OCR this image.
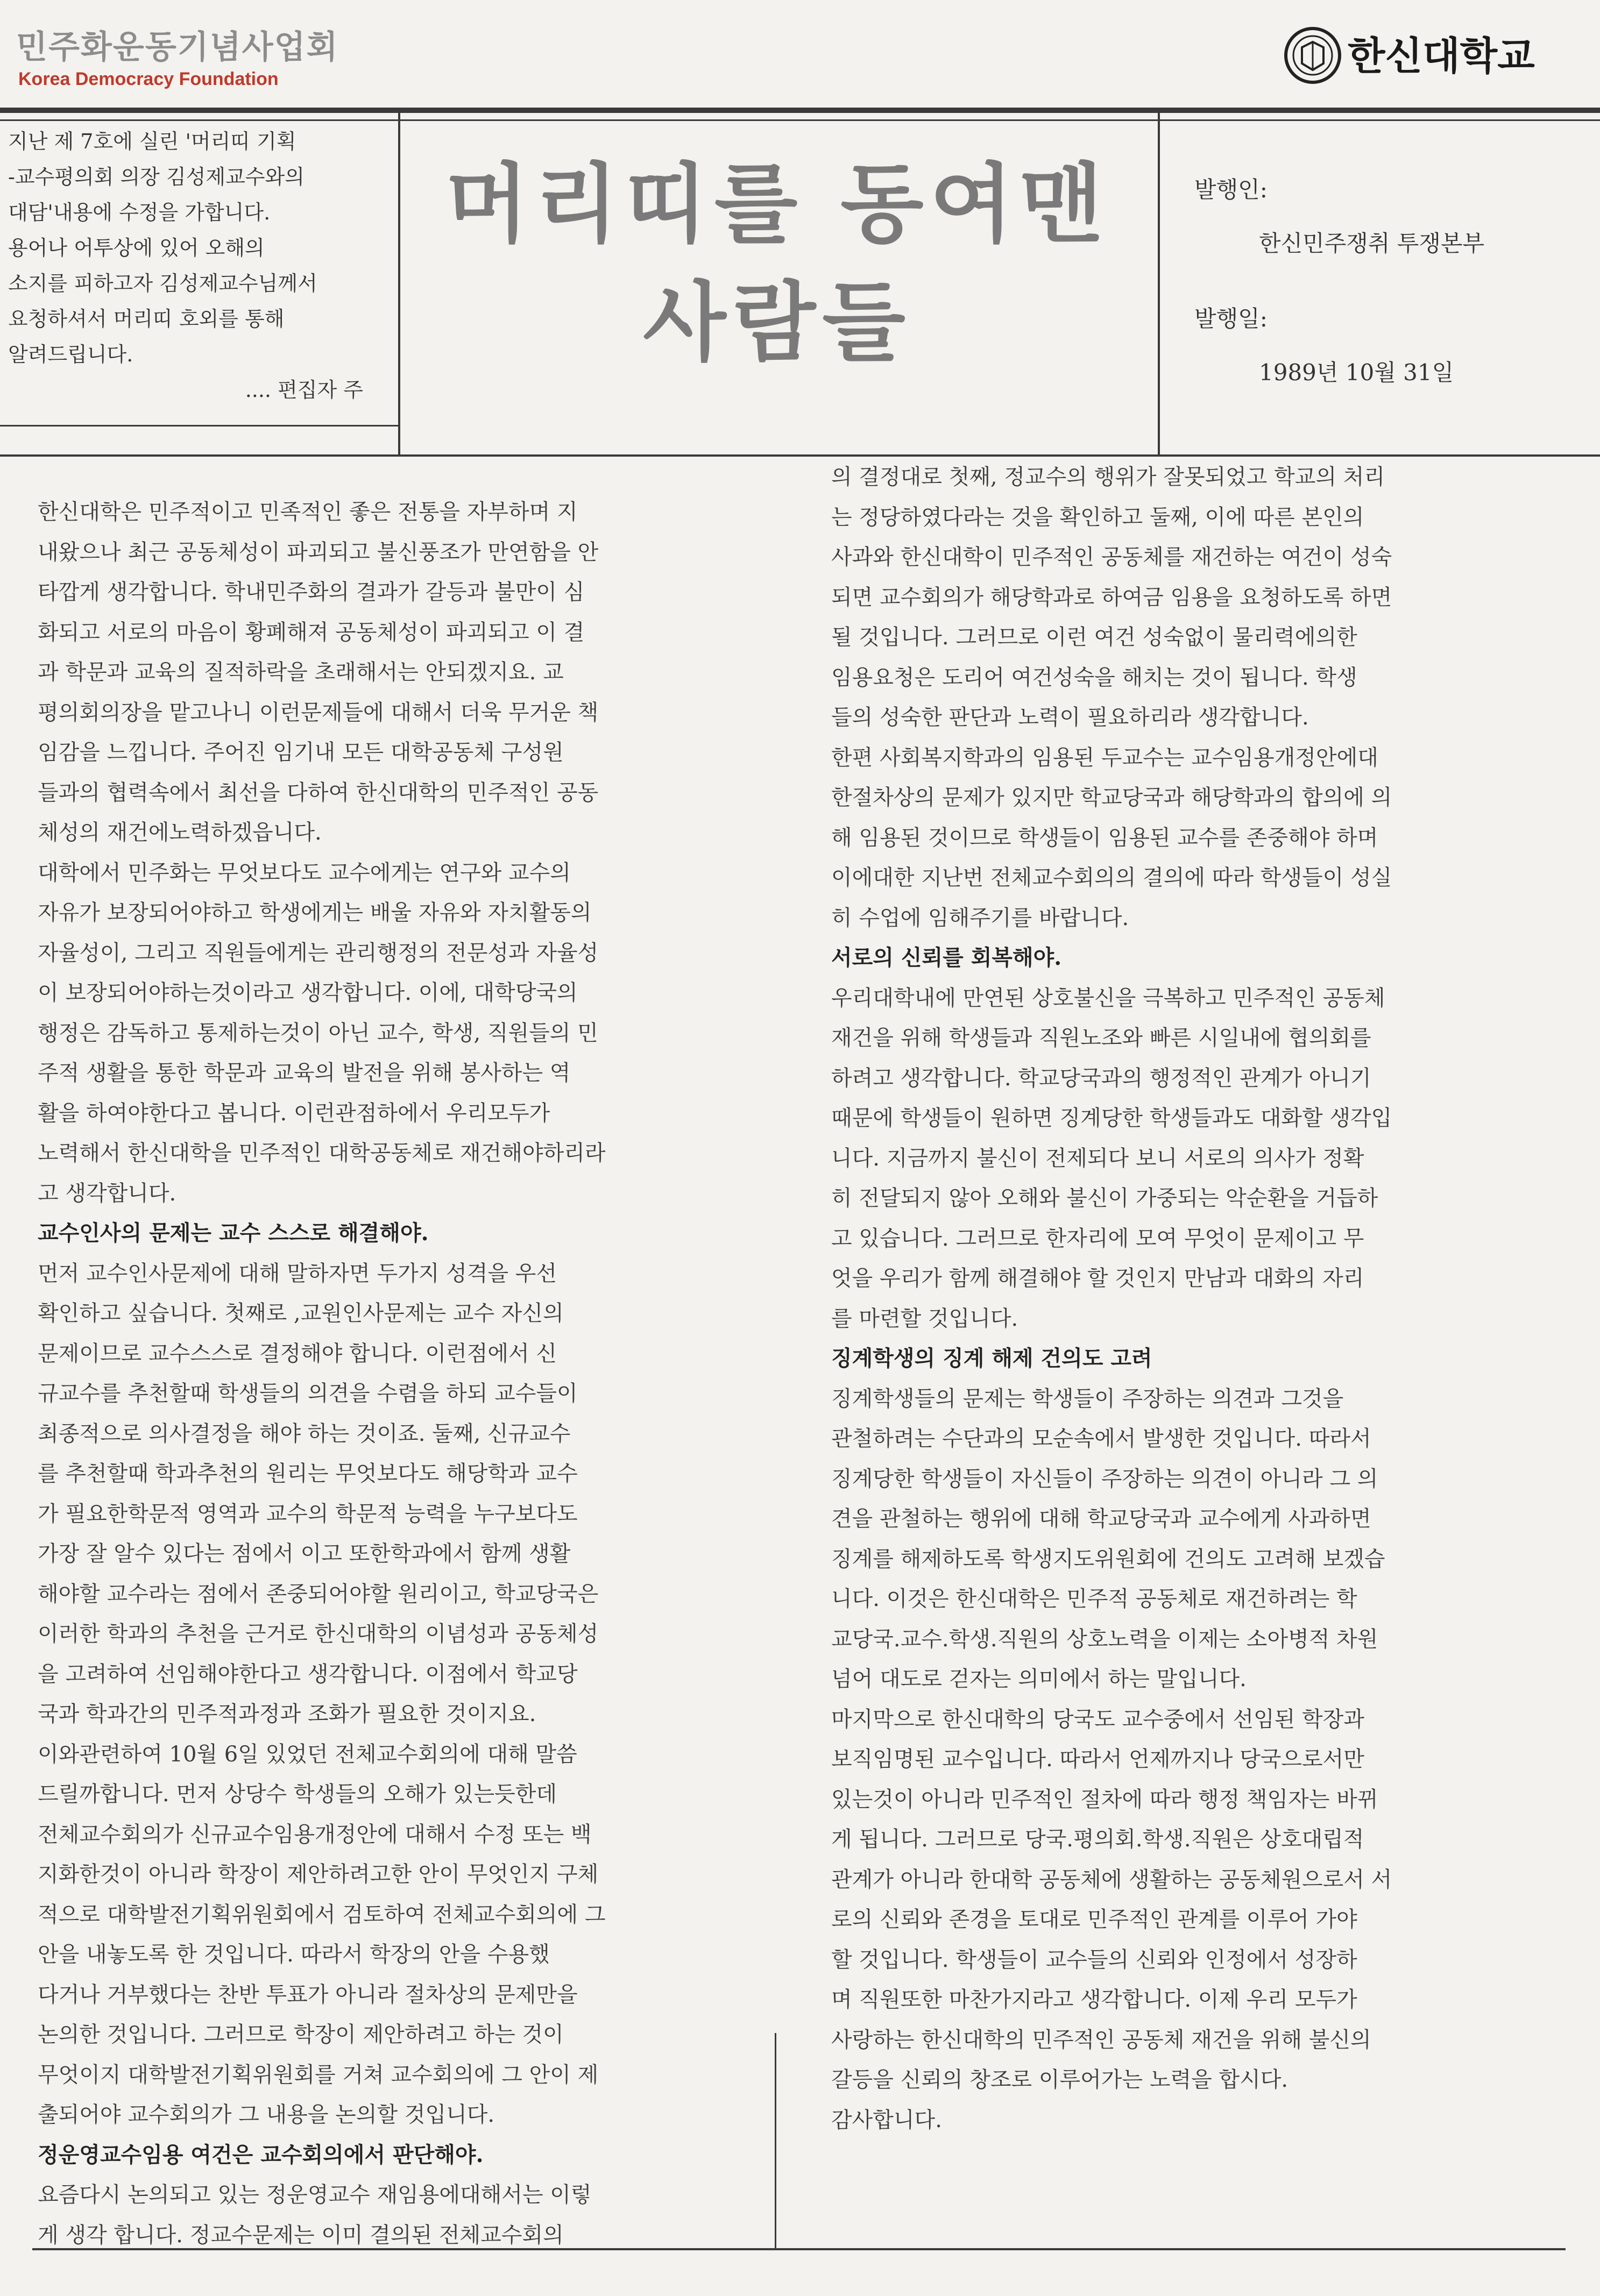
민주화운동기념사업회
Korea Democracy Foundation
한신대학교

지난 제 7호에 실린 '머리띠 기획

-교수평의회 의장 김성제교수와의

대담'내용에 수정을 가합니다.

용어나 어투상에 있어 오해의

소지를 피하고자 김성제교수님께서

요청하셔서 머리띠 호외를 통해

알려드립니다.

.... 편집자 주

머리띠를 동여맨
사람들

발행인:

한신민주쟁취 투쟁본부

발행일:

1989년 10월 31일

한신대학은 민주적이고 민족적인 좋은 전통을 자부하며 지

내왔으나 최근 공동체성이 파괴되고 불신풍조가 만연함을 안

타깝게 생각합니다. 학내민주화의 결과가 갈등과 불만이 심

화되고 서로의 마음이 황폐해져 공동체성이 파괴되고 이 결

과 학문과 교육의 질적하락을 초래해서는 안되겠지요. 교

평의회의장을 맡고나니 이런문제들에 대해서 더욱 무거운 책

임감을 느낍니다. 주어진 임기내 모든 대학공동체 구성원

들과의 협력속에서 최선을 다하여 한신대학의 민주적인 공동

체성의 재건에노력하겠읍니다.

대학에서 민주화는 무엇보다도 교수에게는 연구와 교수의

자유가 보장되어야하고 학생에게는 배울 자유와 자치활동의

자율성이, 그리고 직원들에게는 관리행정의 전문성과 자율성

이 보장되어야하는것이라고 생각합니다. 이에, 대학당국의

행정은 감독하고 통제하는것이 아닌 교수, 학생, 직원들의 민

주적 생활을 통한 학문과 교육의 발전을 위해 봉사하는 역

활을 하여야한다고 봅니다. 이런관점하에서 우리모두가

노력해서 한신대학을 민주적인 대학공동체로 재건해야하리라

고 생각합니다.

교수인사의 문제는 교수 스스로 해결해야.

먼저 교수인사문제에 대해 말하자면 두가지 성격을 우선

확인하고 싶습니다. 첫째로 ,교원인사문제는 교수 자신의

문제이므로 교수스스로 결정해야 합니다. 이런점에서 신

규교수를 추천할때 학생들의 의견을 수렴을 하되 교수들이

최종적으로 의사결정을 해야 하는 것이죠. 둘째, 신규교수

를 추천할때 학과추천의 원리는 무엇보다도 해당학과 교수

가 필요한학문적 영역과 교수의 학문적 능력을 누구보다도

가장 잘 알수 있다는 점에서 이고 또한학과에서 함께 생활

해야할 교수라는 점에서 존중되어야할 원리이고, 학교당국은

이러한 학과의 추천을 근거로 한신대학의 이념성과 공동체성

을 고려하여 선임해야한다고 생각합니다. 이점에서 학교당

국과 학과간의 민주적과정과 조화가 필요한 것이지요.

이와관련하여 10월 6일 있었던 전체교수회의에 대해 말씀

드릴까합니다. 먼저 상당수 학생들의 오해가 있는듯한데

전체교수회의가 신규교수임용개정안에 대해서 수정 또는 백

지화한것이 아니라 학장이 제안하려고한 안이 무엇인지 구체

적으로 대학발전기획위원회에서 검토하여 전체교수회의에 그

안을 내놓도록 한 것입니다. 따라서 학장의 안을 수용했

다거나 거부했다는 찬반 투표가 아니라 절차상의 문제만을

논의한 것입니다. 그러므로 학장이 제안하려고 하는 것이

무엇이지 대학발전기획위원회를 거쳐 교수회의에 그 안이 제

출되어야 교수회의가 그 내용을 논의할 것입니다.

정운영교수임용 여건은 교수회의에서 판단해야.

요즘다시 논의되고 있는 정운영교수 재임용에대해서는 이렇

게 생각 합니다. 정교수문제는 이미 결의된 전체교수회의

의 결정대로 첫째, 정교수의 행위가 잘못되었고 학교의 처리

는 정당하였다라는 것을 확인하고 둘째, 이에 따른 본인의

사과와 한신대학이 민주적인 공동체를 재건하는 여건이 성숙

되면 교수회의가 해당학과로 하여금 임용을 요청하도록 하면

될 것입니다. 그러므로 이런 여건 성숙없이 물리력에의한

임용요청은 도리어 여건성숙을 해치는 것이 됩니다. 학생

들의 성숙한 판단과 노력이 필요하리라 생각합니다.

한편 사회복지학과의 임용된 두교수는 교수임용개정안에대

한절차상의 문제가 있지만 학교당국과 해당학과의 합의에 의

해 임용된 것이므로 학생들이 임용된 교수를 존중해야 하며

이에대한 지난번 전체교수회의의 결의에 따라 학생들이 성실

히 수업에 임해주기를 바랍니다.

서로의 신뢰를 회복해야.

우리대학내에 만연된 상호불신을 극복하고 민주적인 공동체

재건을 위해 학생들과 직원노조와 빠른 시일내에 협의회를

하려고 생각합니다. 학교당국과의 행정적인 관계가 아니기

때문에 학생들이 원하면 징계당한 학생들과도 대화할 생각입

니다. 지금까지 불신이 전제되다 보니 서로의 의사가 정확

히 전달되지 않아 오해와 불신이 가중되는 악순환을 거듭하

고 있습니다. 그러므로 한자리에 모여 무엇이 문제이고 무

엇을 우리가 함께 해결해야 할 것인지 만남과 대화의 자리

를 마련할 것입니다.

징계학생의 징계 해제 건의도 고려

징계학생들의 문제는 학생들이 주장하는 의견과 그것을

관철하려는 수단과의 모순속에서 발생한 것입니다. 따라서

징계당한 학생들이 자신들이 주장하는 의견이 아니라 그 의

견을 관철하는 행위에 대해 학교당국과 교수에게 사과하면

징계를 해제하도록 학생지도위원회에 건의도 고려해 보겠습

니다. 이것은 한신대학은 민주적 공동체로 재건하려는 학

교당국.교수.학생.직원의 상호노력을 이제는 소아병적 차원

넘어 대도로 걷자는 의미에서 하는 말입니다.

마지막으로 한신대학의 당국도 교수중에서 선임된 학장과

보직임명된 교수입니다. 따라서 언제까지나 당국으로서만

있는것이 아니라 민주적인 절차에 따라 행정 책임자는 바뀌

게 됩니다. 그러므로 당국.평의회.학생.직원은 상호대립적

관계가 아니라 한대학 공동체에 생활하는 공동체원으로서 서

로의 신뢰와 존경을 토대로 민주적인 관계를 이루어 가야

할 것입니다. 학생들이 교수들의 신뢰와 인정에서 성장하

며 직원또한 마찬가지라고 생각합니다. 이제 우리 모두가

사랑하는 한신대학의 민주적인 공동체 재건을 위해 불신의

갈등을 신뢰의 창조로 이루어가는 노력을 합시다.

감사합니다.
